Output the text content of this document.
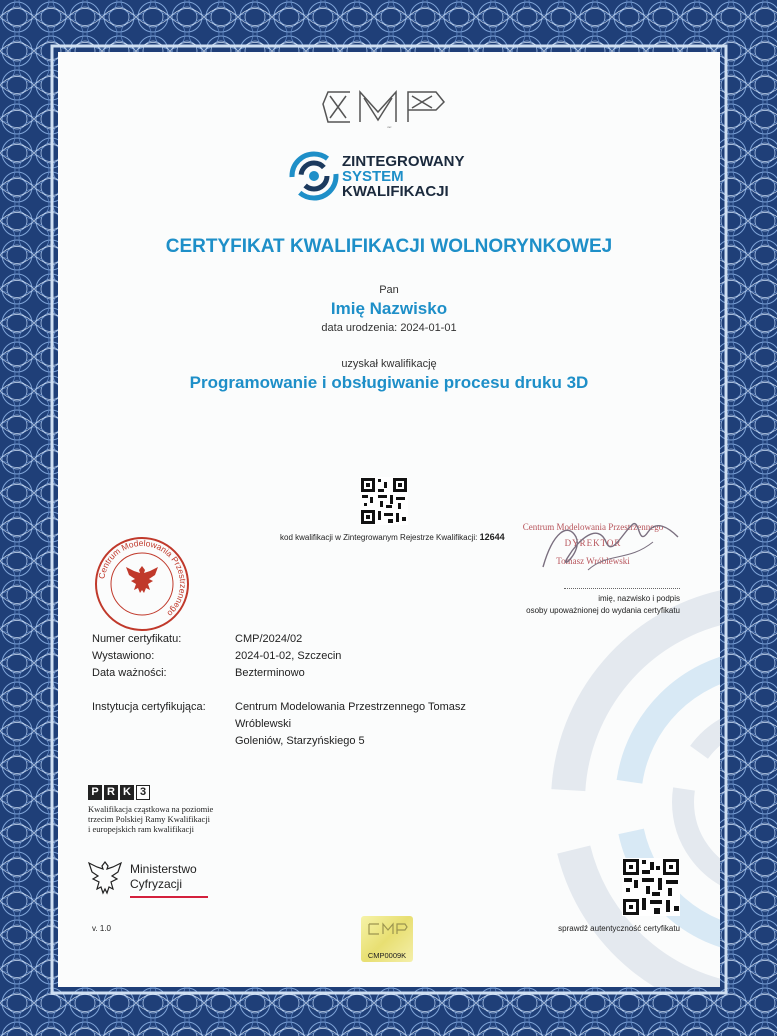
CMP
ZINTEGROWANY
SYSTEM
KWALIFIKACJI
CERTYFIKAT KWALIFIKACJI WOLNORYNKOWEJ
Pan
Imię Nazwisko
data urodzenia: 2024-01-01
uzyskał kwalifikację
Programowanie i obsługiwanie procesu druku 3D
kod kwalifikacji w Zintegrowanym Rejestrze Kwalifikacji: 12644
Centrum Modelowania Przestrzennego
Centrum Modelowania Przestrzennego
DYREKTOR
Tomasz Wróblewski
imię, nazwisko i podpis
osoby upoważnionej do wydania certyfikatu
Numer certyfikatu:	CMP/2024/02
Wystawiono:	2024-01-02, Szczecin
Data ważności:	Bezterminowo
Instytucja certyfikująca:	Centrum Modelowania Przestrzennego Tomasz
Wróblewski
Goleniów, Starzyńskiego 5
P R K 3
Kwalifikacja cząstkowa na poziomie
trzecim Polskiej Ramy Kwalifikacji
i europejskich ram kwalifikacji
Ministerstwo
Cyfryzacji
v. 1.0
CMP0009K
sprawdź autentyczność certyfikatu
